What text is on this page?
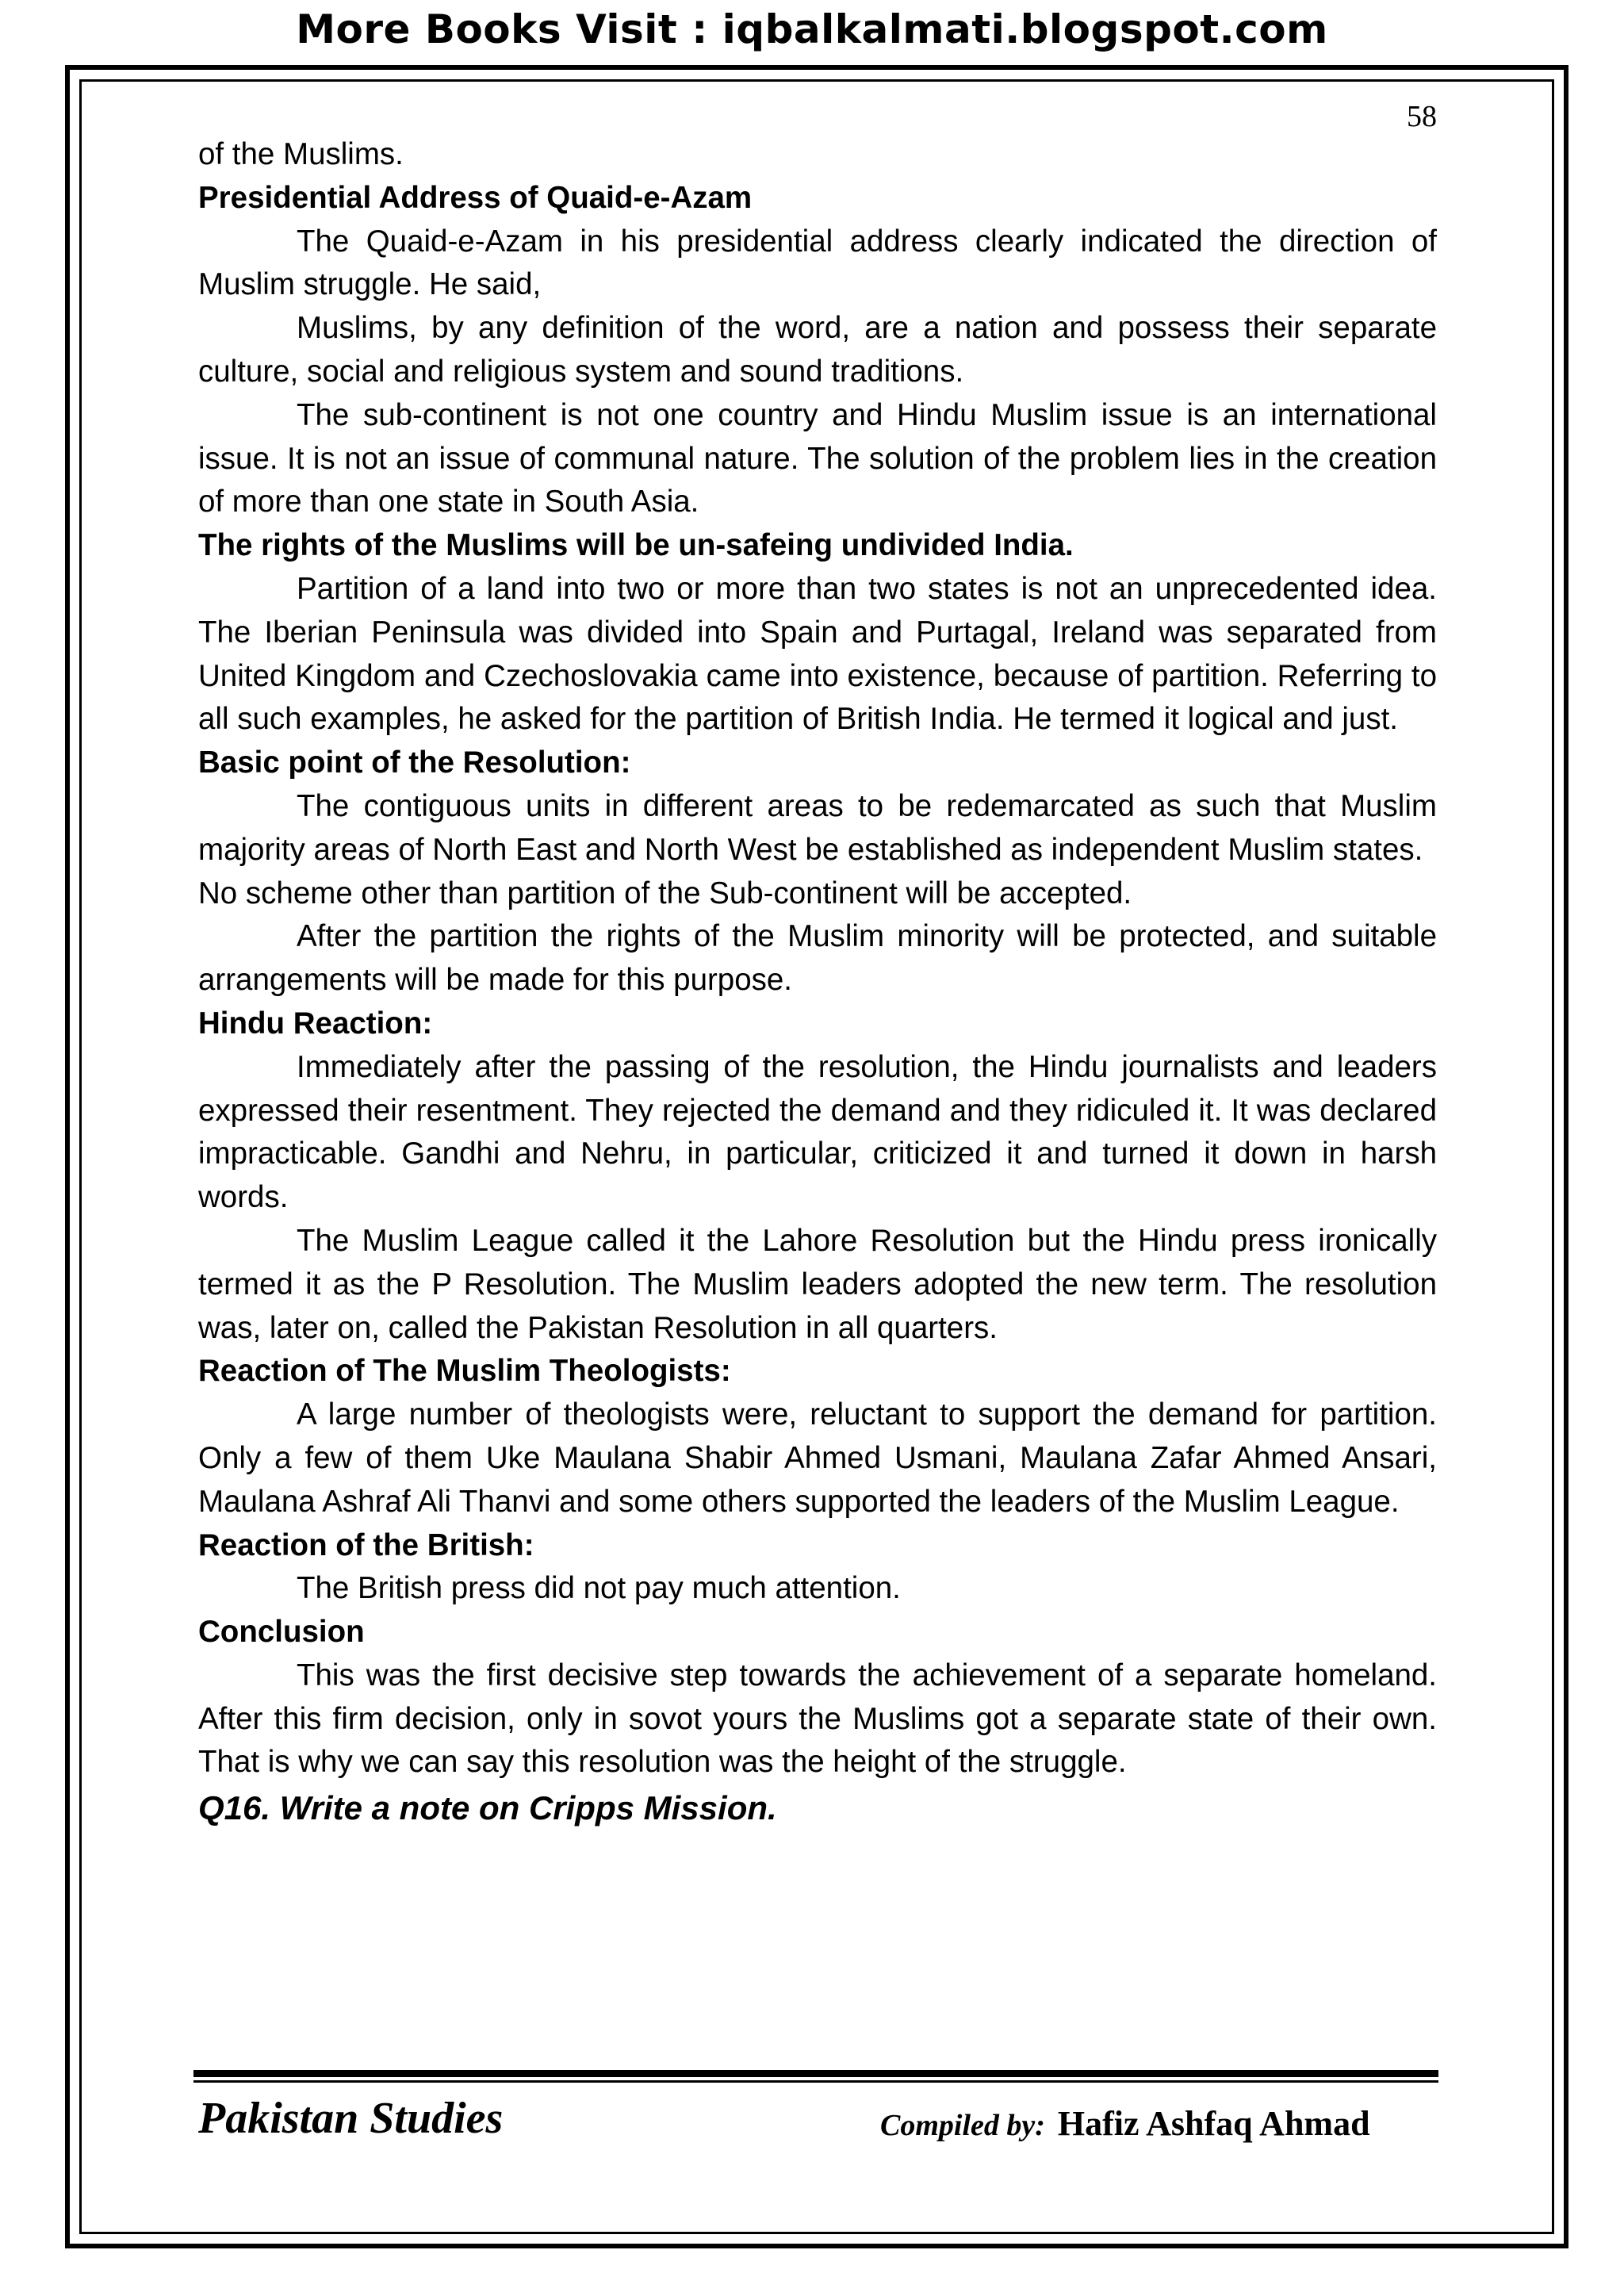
More Books Visit : iqbalkalmati.blogspot.com
58

of the Muslims.

Presidential Address of Quaid-e-Azam

The Quaid-e-Azam in his presidential address clearly indicated the direction of Muslim struggle. He said,

Muslims, by any definition of the word, are a nation and possess their separate culture, social and religious system and sound traditions.

The sub-continent is not one country and Hindu Muslim issue is an international issue. It is not an issue of communal nature. The solution of the problem lies in the creation of more than one state in South Asia.

The rights of the Muslims will be un-safeing undivided India.

Partition of a land into two or more than two states is not an unprecedented idea. The Iberian Peninsula was divided into Spain and Purtagal, Ireland was separated from United Kingdom and Czechoslovakia came into existence, because of partition. Referring to all such examples, he asked for the partition of British India. He termed it logical and just.

Basic point of the Resolution:

The contiguous units in different areas to be redemarcated as such that Muslim majority areas of North East and North West be established as independent Muslim states.

No scheme other than partition of the Sub-continent will be accepted.

After the partition the rights of the Muslim minority will be protected, and suitable arrangements will be made for this purpose.

Hindu Reaction:

Immediately after the passing of the resolution, the Hindu journalists and leaders expressed their resentment. They rejected the demand and they ridiculed it. It was declared impracticable. Gandhi and Nehru, in particular, criticized it and turned it down in harsh words.

The Muslim League called it the Lahore Resolution but the Hindu press ironically termed it as the P Resolution. The Muslim leaders adopted the new term. The resolution was, later on, called the Pakistan Resolution in all quarters.

Reaction of The Muslim Theologists:

A large number of theologists were, reluctant to support the demand for partition. Only a few of them Uke Maulana Shabir Ahmed Usmani, Maulana Zafar Ahmed Ansari, Maulana Ashraf Ali Thanvi and some others supported the leaders of the Muslim League.

Reaction of the British:

The British press did not pay much attention.

Conclusion

This was the first decisive step towards the achievement of a separate homeland. After this firm decision, only in sovot yours the Muslims got a separate state of their own. That is why we can say this resolution was the height of the struggle.

Q16. Write a note on Cripps Mission.
Pakistan Studies	Compiled by: Hafiz Ashfaq Ahmad
